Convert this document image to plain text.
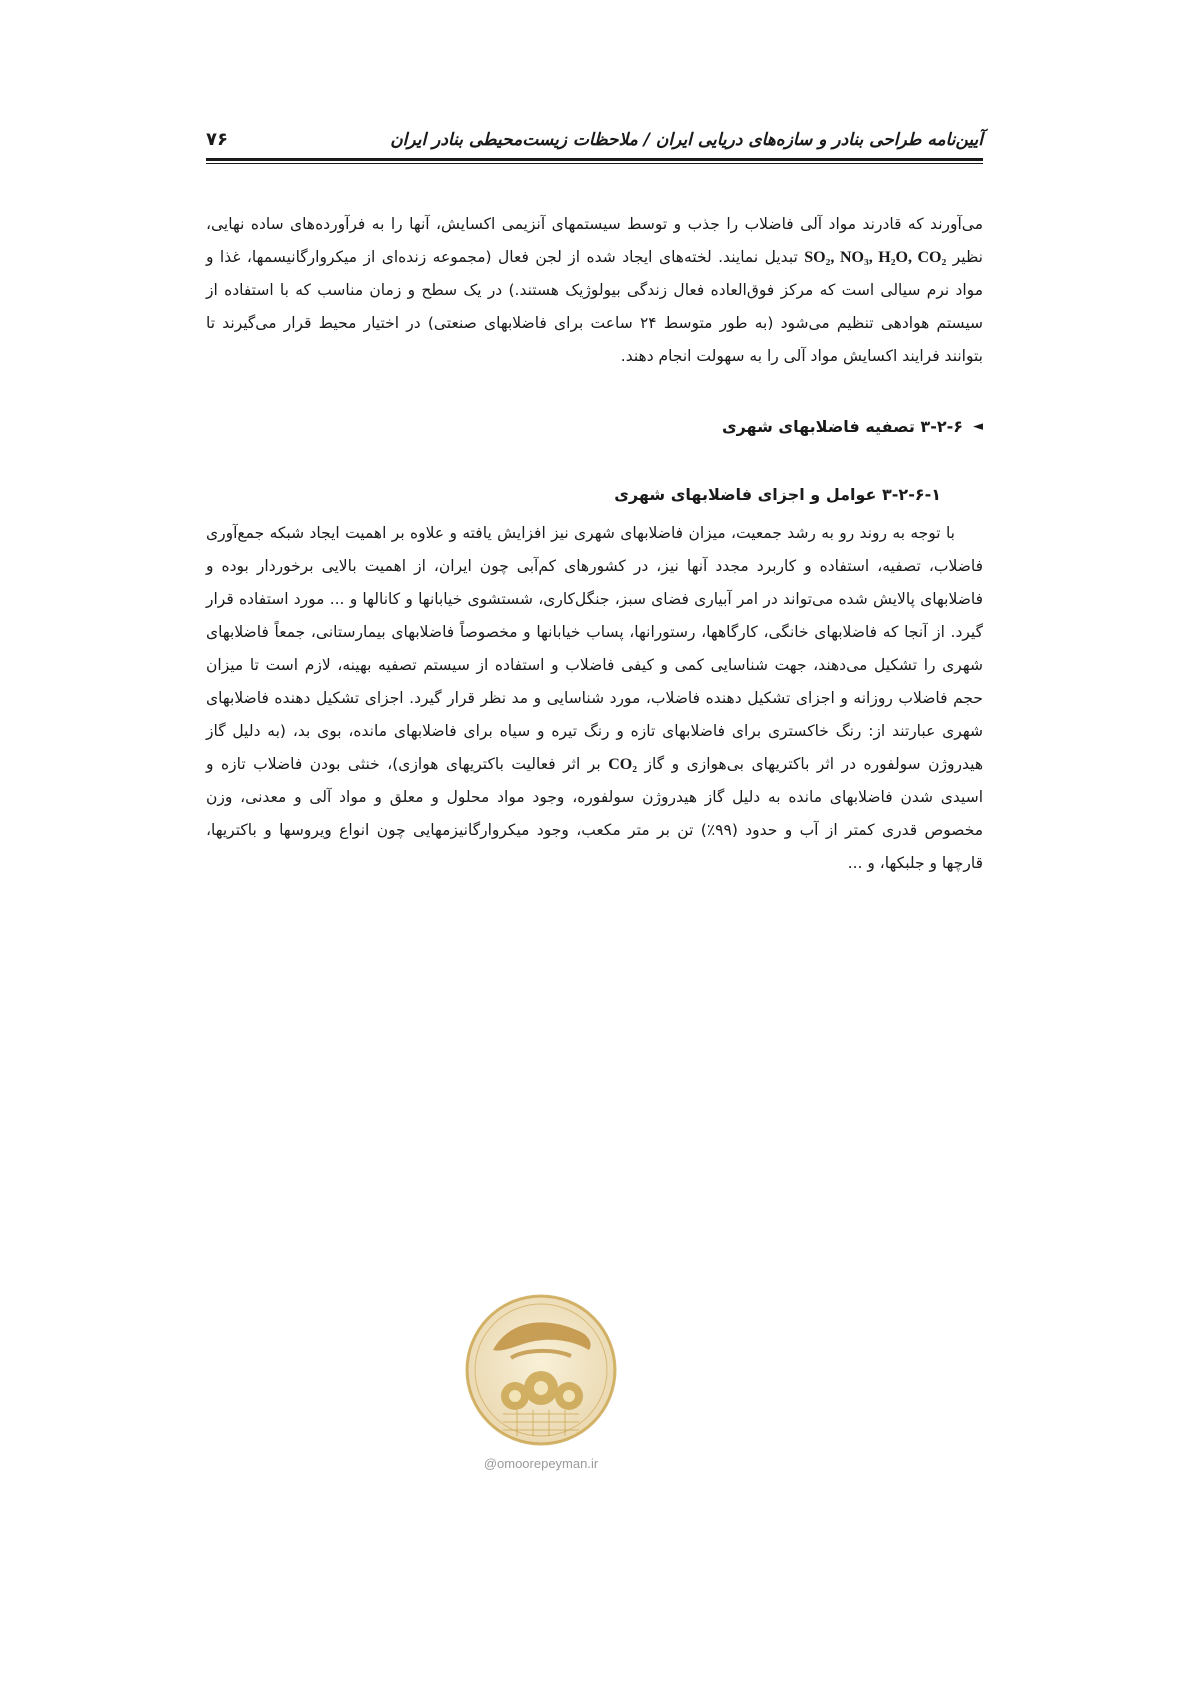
آیین‌نامه طراحی بنادر و سازه‌های دریایی ایران / ملاحظات زیست‌محیطی بنادر ایران
۷۶

می‌آورند که قادرند مواد آلی فاضلاب را جذب و توسط سیستمهای آنزیمی اکسایش، آنها را به فرآورده‌های ساده نهایی، نظیر SO₂, NO₃, H₂O, CO₂ تبدیل نمایند. لخته‌های ایجاد شده از لجن فعال (مجموعه زنده‌ای از میکروارگانیسمها، غذا و مواد نرم سیالی است که مرکز فوق‌العاده فعال زندگی بیولوژیک هستند.) در یک سطح و زمان مناسب که با استفاده از سیستم هوادهی تنظیم می‌شود (به طور متوسط ۲۴ ساعت برای فاضلابهای صنعتی) در اختیار محیط قرار می‌گیرند تا بتوانند فرایند اکسایش مواد آلی را به سهولت انجام دهند.

◄
۳-۲-۶ تصفیه فاضلابهای شهری
۳-۲-۶-۱ عوامل و اجزای فاضلابهای شهری

با توجه به روند رو به رشد جمعیت، میزان فاضلابهای شهری نیز افزایش یافته و علاوه بر اهمیت ایجاد شبکه جمع‌آوری فاضلاب، تصفیه، استفاده و کاربرد مجدد آنها نیز، در کشورهای کم‌آبی چون ایران، از اهمیت بالایی برخوردار بوده و فاضلابهای پالایش شده می‌تواند در امر آبیاری فضای سبز، جنگل‌کاری، شستشوی خیابانها و کانالها و ... مورد استفاده قرار گیرد. از آنجا که فاضلابهای خانگی، کارگاهها، رستورانها، پساب خیابانها و مخصوصاً فاضلابهای بیمارستانی، جمعاً فاضلابهای شهری را تشکیل می‌دهند، جهت شناسایی کمی و کیفی فاضلاب و استفاده از سیستم تصفیه بهینه، لازم است تا میزان حجم فاضلاب روزانه و اجزای تشکیل دهنده فاضلاب، مورد شناسایی و مد نظر قرار گیرد. اجزای تشکیل دهنده فاضلابهای شهری عبارتند از: رنگ خاکستری برای فاضلابهای تازه و رنگ تیره و سیاه برای فاضلابهای مانده، بوی بد، (به دلیل گاز هیدروژن سولفوره در اثر باکتریهای بی‌هوازی و گاز CO₂ بر اثر فعالیت باکتریهای هوازی)، خنثی بودن فاضلاب تازه و اسیدی شدن فاضلابهای مانده به دلیل گاز هیدروژن سولفوره، وجود مواد محلول و معلق و مواد آلی و معدنی، وزن مخصوص قدری کمتر از آب و حدود (۹۹٪) تن بر متر مکعب، وجود میکروارگانیزمهایی چون انواع ویروسها و باکتریها، قارچها و جلبکها، و ...

@omoorepeyman.ir
